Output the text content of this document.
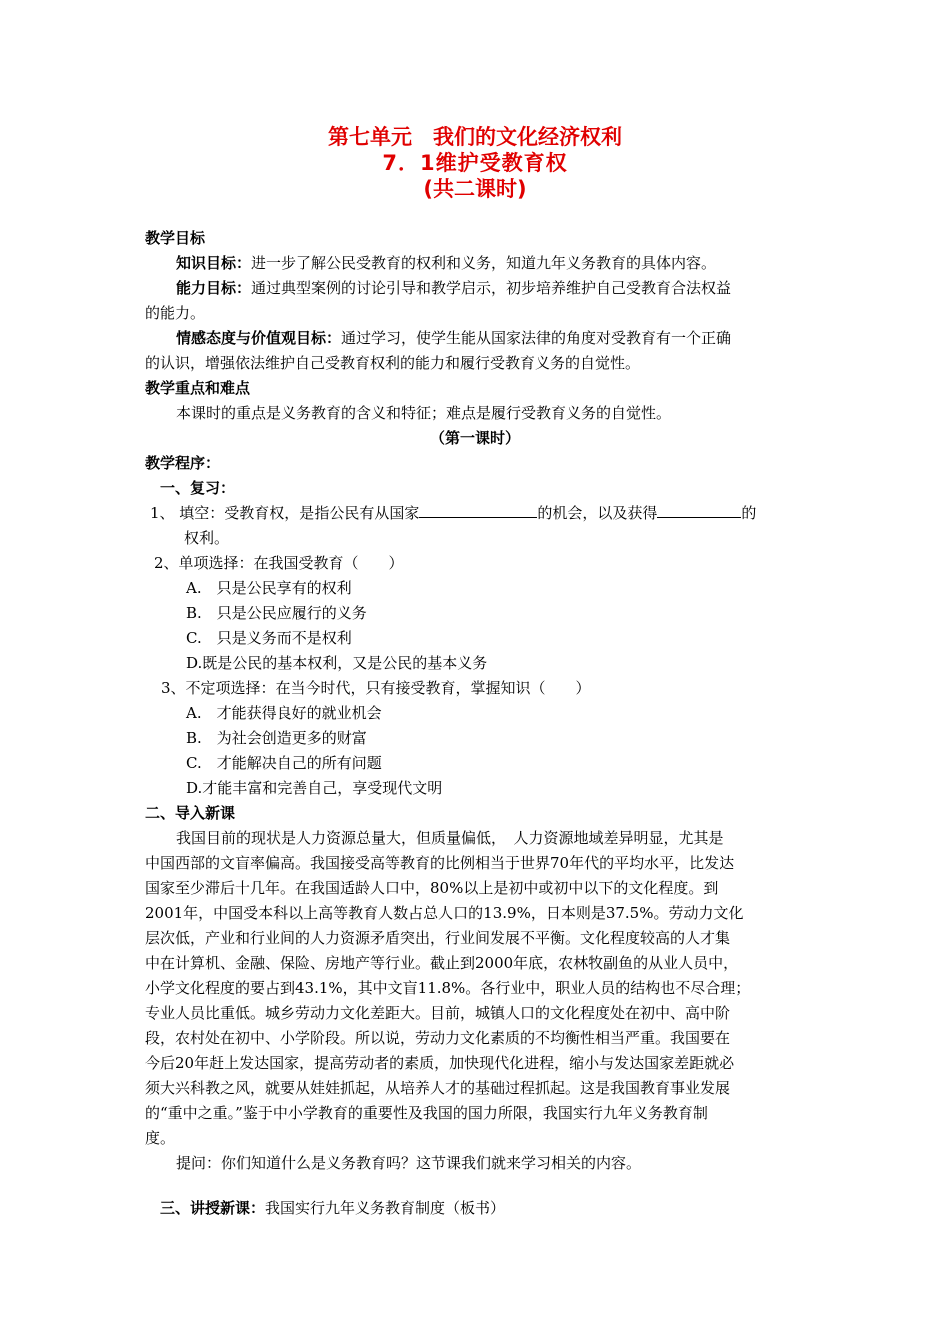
第七单元　我们的文化经济权利
7．1维护受教育权
(共二课时)
教学目标
知识目标：进一步了解公民受教育的权利和义务，知道九年义务教育的具体内容。
能力目标：通过典型案例的讨论引导和教学启示，初步培养维护自己受教育合法权益
的能力。
情感态度与价值观目标：通过学习，使学生能从国家法律的角度对受教育有一个正确
的认识，增强依法维护自己受教育权利的能力和履行受教育义务的自觉性。
教学重点和难点
本课时的重点是义务教育的含义和特征；难点是履行受教育义务的自觉性。
（第一课时）
教学程序：
一、复习：
1、 填空：受教育权，是指公民有从国家	的机会，以及获得	的
权利。
2、单项选择：在我国受教育（　　）
A.　只是公民享有的权利
B.　只是公民应履行的义务
C.　只是义务而不是权利
D.既是公民的基本权利，又是公民的基本义务
3、不定项选择：在当今时代，只有接受教育，掌握知识（　　）
A.　才能获得良好的就业机会
B.　为社会创造更多的财富
C.　才能解决自己的所有问题
D.才能丰富和完善自己，享受现代文明
二、导入新课
我国目前的现状是人力资源总量大，但质量偏低，　人力资源地域差异明显，尤其是
中国西部的文盲率偏高。我国接受高等教育的比例相当于世界70年代的平均水平，比发达
国家至少滞后十几年。在我国适龄人口中，80%以上是初中或初中以下的文化程度。到
2001年，中国受本科以上高等教育人数占总人口的13.9%，日本则是37.5%。劳动力文化
层次低，产业和行业间的人力资源矛盾突出，行业间发展不平衡。文化程度较高的人才集
中在计算机、金融、保险、房地产等行业。截止到2000年底，农林牧副鱼的从业人员中，
小学文化程度的要占到43.1%，其中文盲11.8%。各行业中，职业人员的结构也不尽合理；
专业人员比重低。城乡劳动力文化差距大。目前，城镇人口的文化程度处在初中、高中阶
段，农村处在初中、小学阶段。所以说，劳动力文化素质的不均衡性相当严重。我国要在
今后20年赶上发达国家，提高劳动者的素质，加快现代化进程，缩小与发达国家差距就必
须大兴科教之风，就要从娃娃抓起，从培养人才的基础过程抓起。这是我国教育事业发展
的“重中之重。”鉴于中小学教育的重要性及我国的国力所限，我国实行九年义务教育制
度。
提问：你们知道什么是义务教育吗？这节课我们就来学习相关的内容。
三、讲授新课：我国实行九年义务教育制度（板书）
